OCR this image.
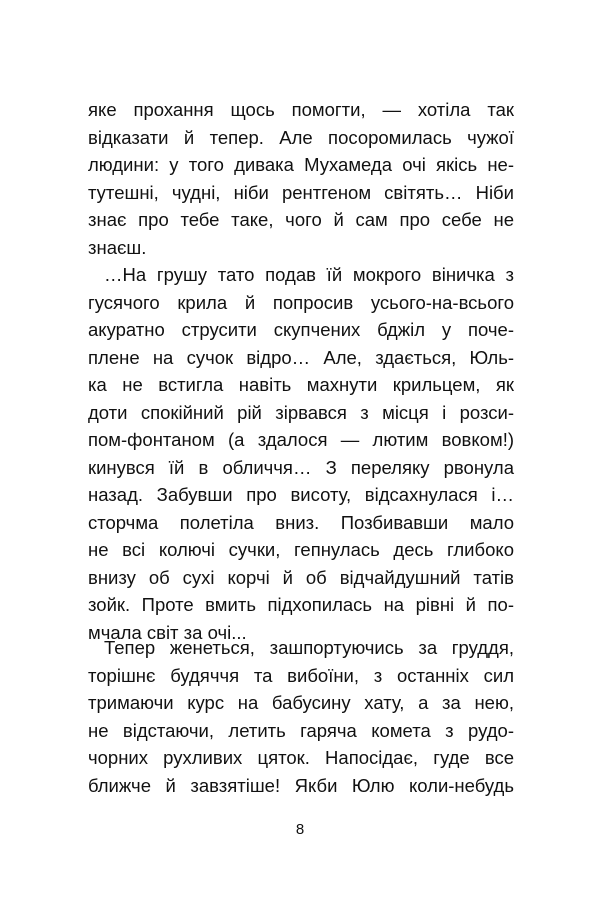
яке прохання щось помогти, — хотіла так
відказати й тепер. Але посоромилась чужої
людини: у того дивака Мухамеда очі якісь не-
тутешні, чудні, ніби рентгеном світять… Ніби
знає про тебе таке, чого й сам про себе не
знаєш.
…На грушу тато подав їй мокрого віничка з
гусячого крила й попросив усього-на-всього
акуратно струсити скупчених бджіл у поче-
плене на сучок відро… Але, здається, Юль-
ка не встигла навіть махнути крильцем, як
доти спокійний рій зірвався з місця і розси-
пом-фонтаном (а здалося — лютим вовком!)
кинувся їй в обличчя… З переляку рвонула
назад. Забувши про висоту, відсахнулася і…
сторчма полетіла вниз. Позбивавши мало
не всі колючі сучки, гепнулась десь глибоко
внизу об сухі корчі й об відчайдушний татів
зойк. Проте вмить підхопилась на рівні й по-
мчала світ за очі...
Тепер женеться, зашпортуючись за груддя,
торішнє будяччя та вибоїни, з останніх сил
тримаючи курс на бабусину хату, а за нею,
не відстаючи, летить гаряча комета з рудо-
чорних рухливих цяток. Напосідає, гуде все
ближче й завзятіше! Якби Юлю коли-небудь
8
